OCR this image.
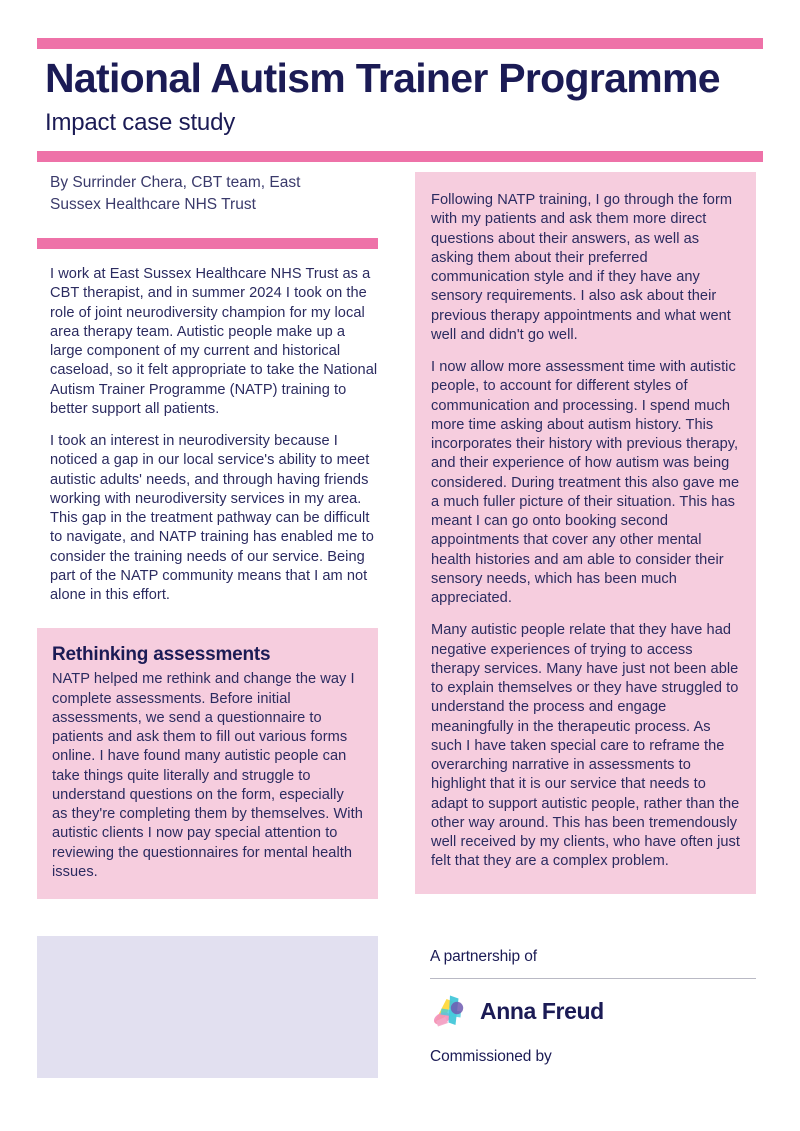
National Autism Trainer Programme
Impact case study

By Surrinder Chera, CBT team, East Sussex Healthcare NHS Trust

I work at East Sussex Healthcare NHS Trust as a CBT therapist, and in summer 2024 I took on the role of joint neurodiversity champion for my local area therapy team. Autistic people make up a large component of my current and historical caseload, so it felt appropriate to take the National Autism Trainer Programme (NATP) training to better support all patients.

I took an interest in neurodiversity because I noticed a gap in our local service's ability to meet autistic adults' needs, and through having friends working with neurodiversity services in my area. This gap in the treatment pathway can be difficult to navigate, and NATP training has enabled me to consider the training needs of our service. Being part of the NATP community means that I am not alone in this effort.

Rethinking assessments

NATP helped me rethink and change the way I complete assessments. Before initial assessments, we send a questionnaire to patients and ask them to fill out various forms online. I have found many autistic people can take things quite literally and struggle to understand questions on the form, especially as they're completing them by themselves. With autistic clients I now pay special attention to reviewing the questionnaires for mental health issues.

Following NATP training, I go through the form with my patients and ask them more direct questions about their answers, as well as asking them about their preferred communication style and if they have any sensory requirements. I also ask about their previous therapy appointments and what went well and didn't go well.

I now allow more assessment time with autistic people, to account for different styles of communication and processing. I spend much more time asking about autism history. This incorporates their history with previous therapy, and their experience of how autism was being considered. During treatment this also gave me a much fuller picture of their situation. This has meant I can go onto booking second appointments that cover any other mental health histories and am able to consider their sensory needs, which has been much appreciated.

Many autistic people relate that they have had negative experiences of trying to access therapy services. Many have just not been able to explain themselves or they have struggled to understand the process and engage meaningfully in the therapeutic process. As such I have taken special care to reframe the overarching narrative in assessments to highlight that it is our service that needs to adapt to support autistic people, rather than the other way around. This has been tremendously well received by my clients, who have often just felt that they are a complex problem.

A partnership of

Anna Freud

Commissioned by
